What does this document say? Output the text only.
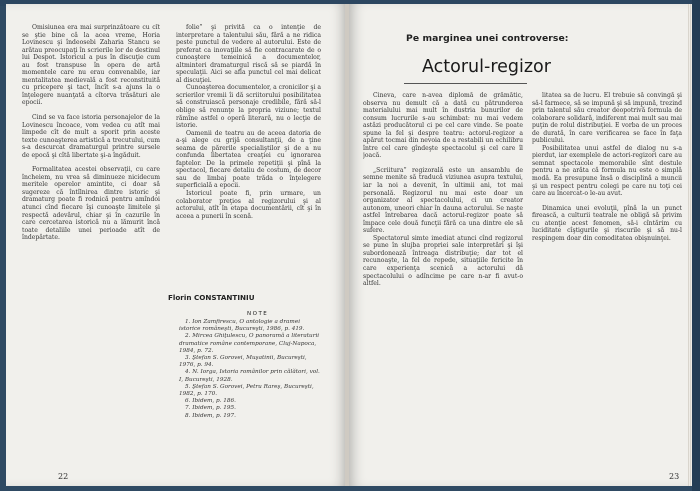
Omisiunea era mai surprinzătoare cu cît se ştie bine că la acea vreme, Horia Lovinescu şi îndeosebi Zaharia Stancu se arătau preocupaţi în scrierile lor de destinul lui Despot. Istoricul a pus în discuţie cum au fost transpuse în opera de artă momentele care nu erau convenabile, iar mentalitatea medievală a fost reconstituită cu pricepere şi tact, încît s-a ajuns la o înţelegere nuanţată a cîtorva trăsături ale epocii.

Cind se va face istoria personajelor de la Lovinescu încoace, vom vedea cu atît mai limpede cît de mult a sporit prin aceste texte cunoaşterea artistică a trecutului, cum s-a descurcat dramaturgul printre sursele de epocă şi cîtă libertate şi-a îngăduit.

Formalitatea acestei observaţii, cu care încheiem, nu vrea să diminueze nicidecum meritele operelor amintite, ci doar să sugereze că întîlnirea dintre istoric şi dramaturg poate fi rodnică pentru amîndoi atunci cînd fiecare îşi cunoaşte limitele şi respectă adevărul, chiar şi în cazurile în care cercetarea istorică nu a lămurit încă toate detaliile unei perioade atît de îndepărtate.

folie” şi privită ca o intenţie de interpretare a talentului său, fără a ne ridica peste punctul de vedere al autorului. Este de preferat ca inovaţiile să fie contracarate de o cunoaştere temeinică a documentelor, altminteri dramaturgul riscă să se piardă în speculaţii. Aici se afla punctul cel mai delicat al discuţiei.

Cunoaşterea documentelor, a cronicilor şi a scrierilor vremii îi dă scriitorului posibilitatea să construiască personaje credibile, fără să-l oblige să renunţe la propria viziune; textul rămîne astfel o operă literară, nu o lecţie de istorie.

Oamenii de teatru au de aceea datoria de a-şi alege cu grijă consultanţii, de a ţine seama de părerile specialiştilor şi de a nu confunda libertatea creaţiei cu ignorarea faptelor. De la primele repetiţii şi pînă la spectacol, fiecare detaliu de costum, de decor sau de limbaj poate trăda o înţelegere superficială a epocii.

Istoricul poate fi, prin urmare, un colaborator preţios al regizorului şi al actorului, atît în etapa documentării, cît şi în aceea a punerii în scenă.

Florin CONSTANTINIU
NOTE
1. Ion Zamfirescu, O antologie a dramei istorice româneşti, Bucureşti, 1986, p. 419.
2. Mircea Ghiţulescu, O panoramă a literaturii dramatice române contemporane, Cluj-Napoca, 1984, p. 72.
3. Ştefan S. Gorovei, Muşatinii, Bucureşti, 1976, p. 94.
4. N. Iorga, Istoria românilor prin călători, vol. I, Bucureşti, 1928.
5. Ştefan S. Gorovei, Petru Rareş, Bucureşti, 1982, p. 170.
6. Ibidem, p. 186.
7. Ibidem, p. 195.
8. Ibidem, p. 197.
22
Pe marginea unei controverse:
Actorul-regizor

Cineva, care n-avea diplomă de grămătic, observa nu demult că a dată cu pătrunderea materialului mai mult în dustria bunurilor de consum lucrurile s-au schimbat: nu mai vedem astăzi producătorul ci pe cel care vinde. Se poate spune la fel şi despre teatru: actorul-regizor a apărut tocmai din nevoia de a restabili un echilibru între cel care gîndeşte spectacolul şi cel care îl joacă.

„Scriitura” regizorală este un ansamblu de semne menite să traducă viziunea asupra textului, iar la noi a devenit, în ultimii ani, tot mai personală. Regizorul nu mai este doar un organizator al spectacolului, ci un creator autonom, uneori chiar în dauna actorului. Se naşte astfel întrebarea dacă actorul-regizor poate să împace cele două funcţii fără ca una dintre ele să sufere.

Spectatorul simte imediat atunci cînd regizorul se pune în slujba propriei sale interpretări şi îşi subordonează întreaga distribuţie; dar tot el recunoaşte, la fel de repede, situaţiile fericite în care experienţa scenică a actorului dă spectacolului o adîncime pe care n-ar fi avut-o altfel.

litatea sa de lucru. El trebuie să convingă şi să-l farmece, să se impună şi să impună, trezind prin talentul său creator deopotrivă formula de colaborare solidară, indiferent mai mult sau mai puţin de rolul distribuţiei. E vorba de un proces de durată, în care verificarea se face în faţa publicului.

Posibilitatea unui astfel de dialog nu s-a pierdut, iar exemplele de actori-regizori care au semnat spectacole memorabile sînt destule pentru a ne arăta că formula nu este o simplă modă. Ea presupune însă o disciplină a muncii şi un respect pentru colegi pe care nu toţi cei care au încercat-o le-au avut.

Dinamica unei evoluţii, pînă la un punct firească, a culturii teatrale ne obligă să privim cu atenţie acest fenomen, să-i cîntărim cu luciditate cîştigurile şi riscurile şi să nu-l respingem doar din comoditatea obişnuinţei.

23
